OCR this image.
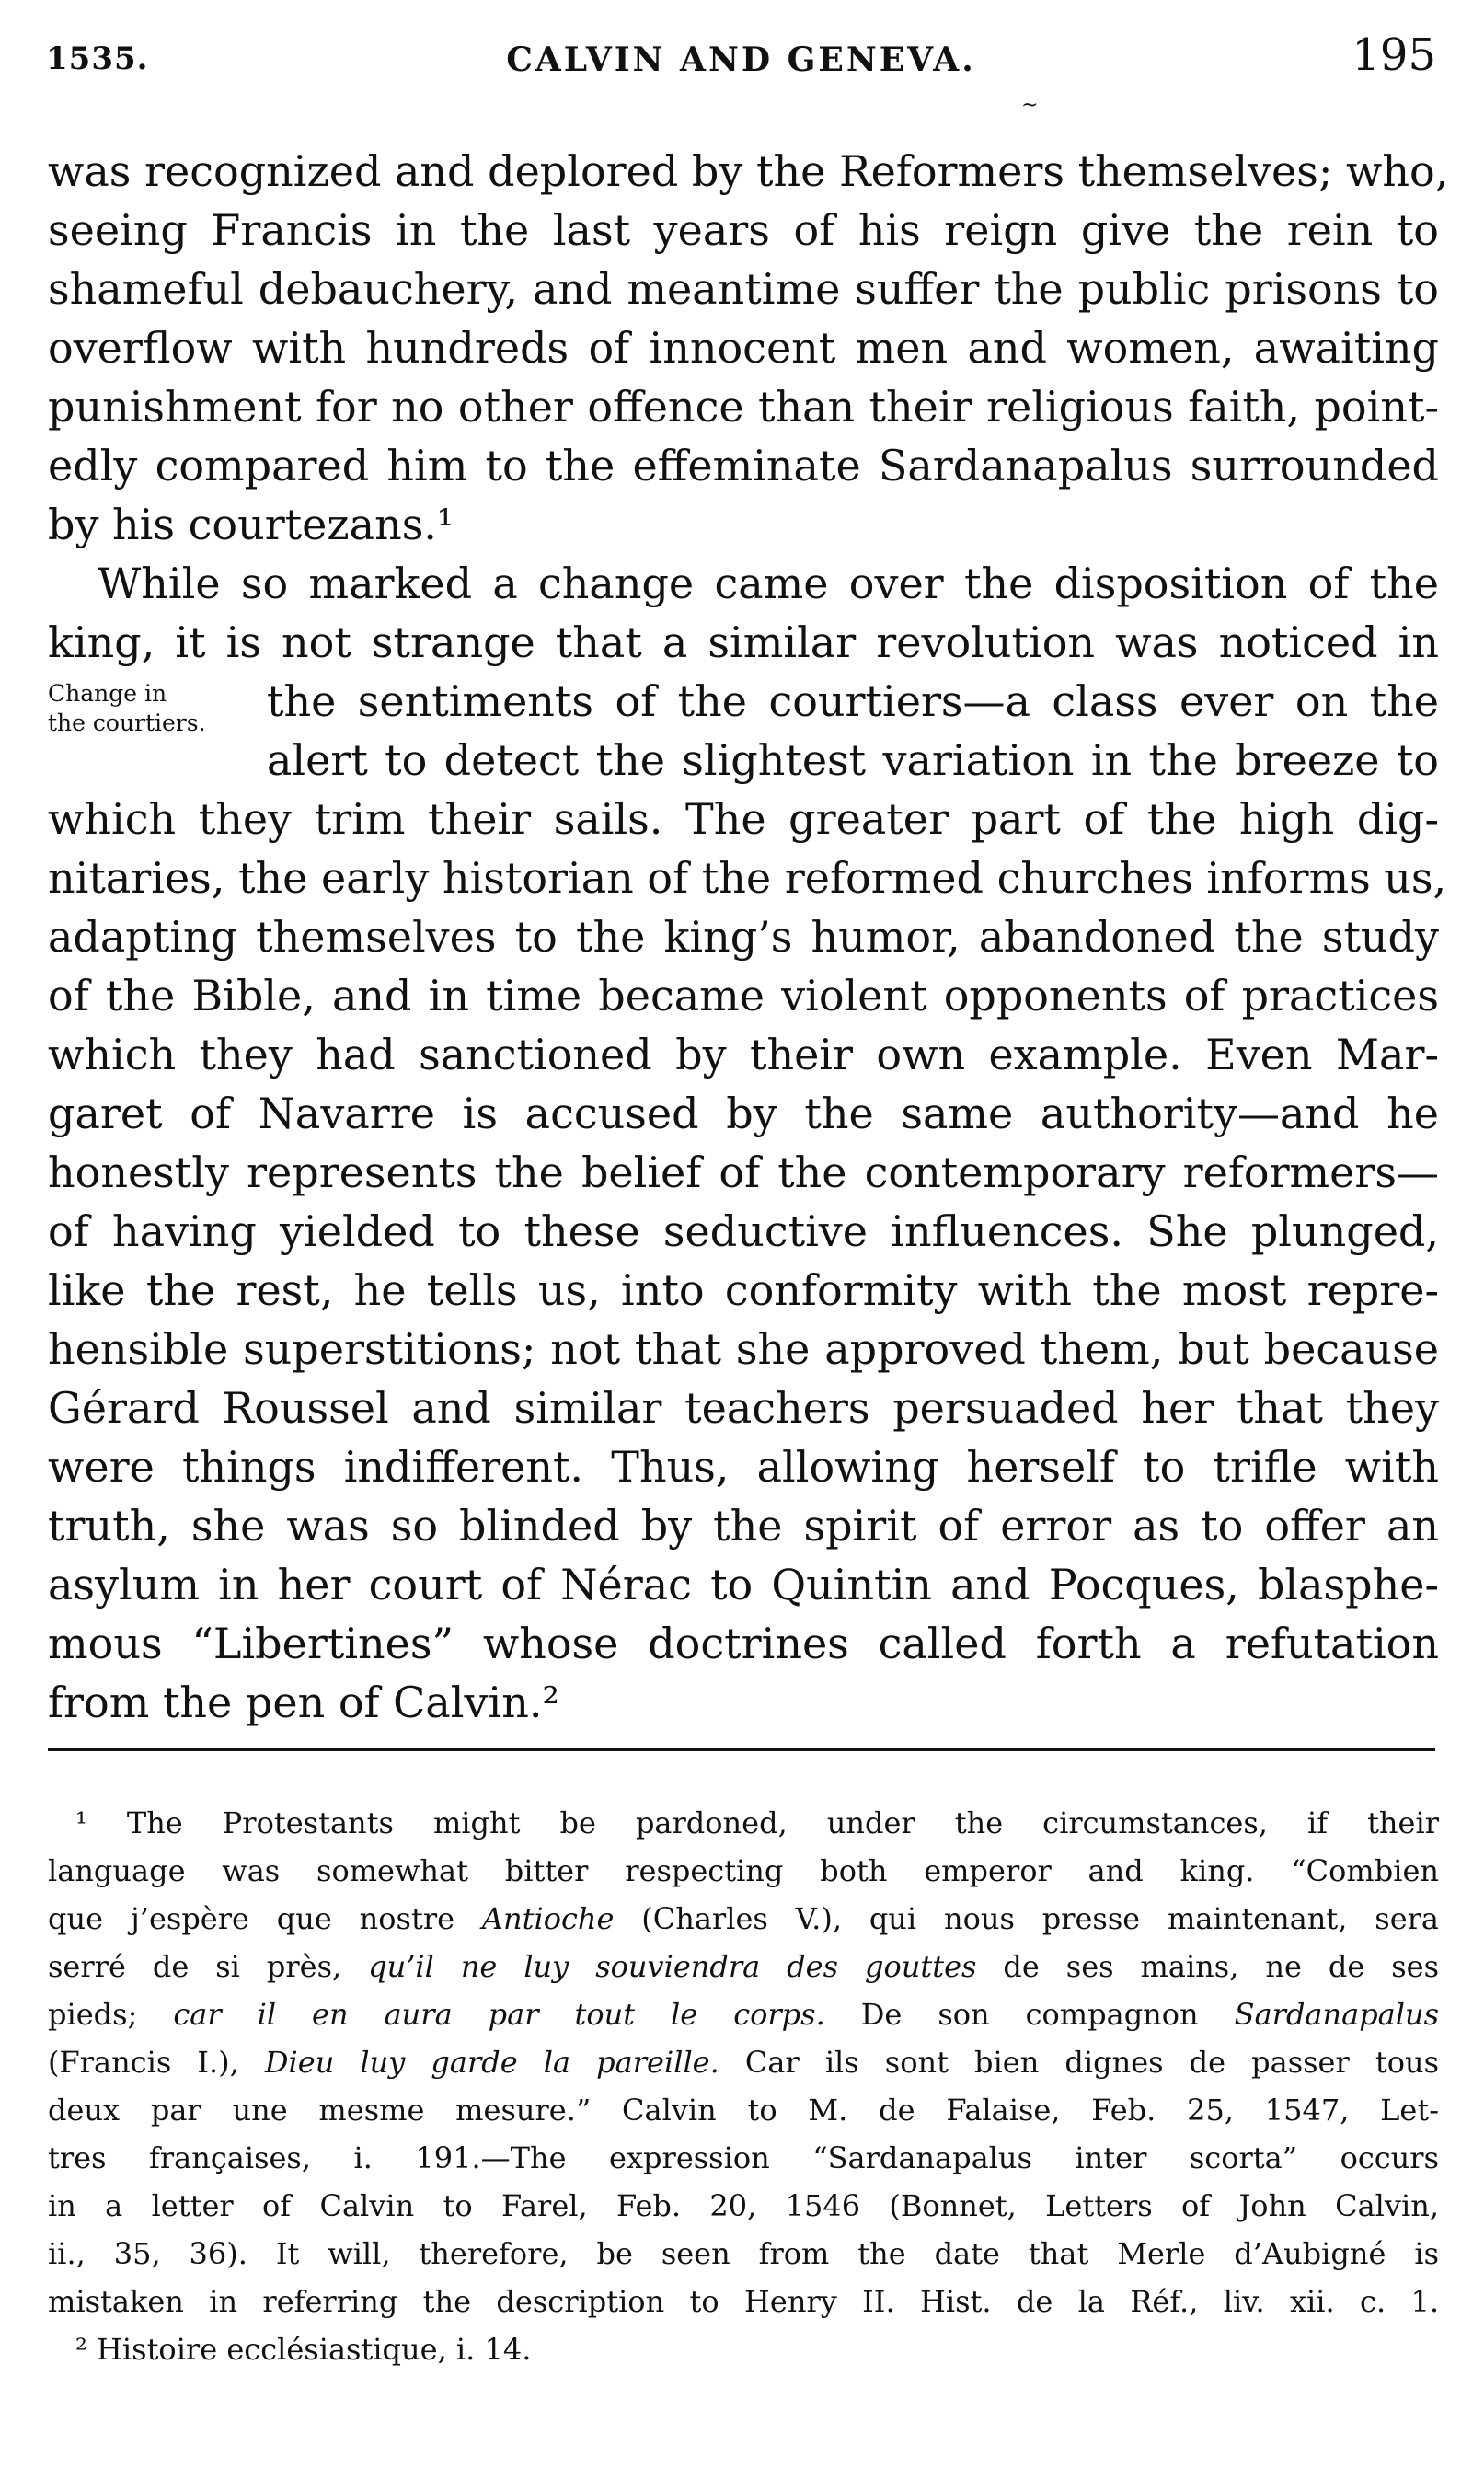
1535.	CALVIN AND GENEVA.	195
~
was recognized and deplored by the Reformers themselves; who,
seeing Francis in the last years of his reign give the rein to
shameful debauchery, and meantime suffer the public prisons to
overflow with hundreds of innocent men and women, awaiting
punishment for no other offence than their religious faith, point-
edly compared him to the effeminate Sardanapalus surrounded
by his courtezans.¹
While so marked a change came over the disposition of the
king, it is not strange that a similar revolution was noticed in
the sentiments of the courtiers—a class ever on the
alert to detect the slightest variation in the breeze to
which they trim their sails. The greater part of the high dig-
nitaries, the early historian of the reformed churches informs us,
adapting themselves to the king’s humor, abandoned the study
of the Bible, and in time became violent opponents of practices
which they had sanctioned by their own example. Even Mar-
garet of Navarre is accused by the same authority—and he
honestly represents the belief of the contemporary reformers—
of having yielded to these seductive influences. She plunged,
like the rest, he tells us, into conformity with the most repre-
hensible superstitions; not that she approved them, but because
Gérard Roussel and similar teachers persuaded her that they
were things indifferent. Thus, allowing herself to trifle with
truth, she was so blinded by the spirit of error as to offer an
asylum in her court of Nérac to Quintin and Pocques, blasphe-
mous “Libertines” whose doctrines called forth a refutation
from the pen of Calvin.²
Change in
the courtiers.
¹ The Protestants might be pardoned, under the circumstances, if their
language was somewhat bitter respecting both emperor and king. “Combien
que j’espère que nostre Antioche (Charles V.), qui nous presse maintenant, sera
serré de si près, qu’il ne luy souviendra des gouttes de ses mains, ne de ses
pieds; car il en aura par tout le corps. De son compagnon Sardanapalus
(Francis I.), Dieu luy garde la pareille. Car ils sont bien dignes de passer tous
deux par une mesme mesure.” Calvin to M. de Falaise, Feb. 25, 1547, Let-
tres françaises, i. 191.—The expression “Sardanapalus inter scorta” occurs
in a letter of Calvin to Farel, Feb. 20, 1546 (Bonnet, Letters of John Calvin,
ii., 35, 36). It will, therefore, be seen from the date that Merle d’Aubigné is
mistaken in referring the description to Henry II. Hist. de la Réf., liv. xii. c. 1.
² Histoire ecclésiastique, i. 14.
